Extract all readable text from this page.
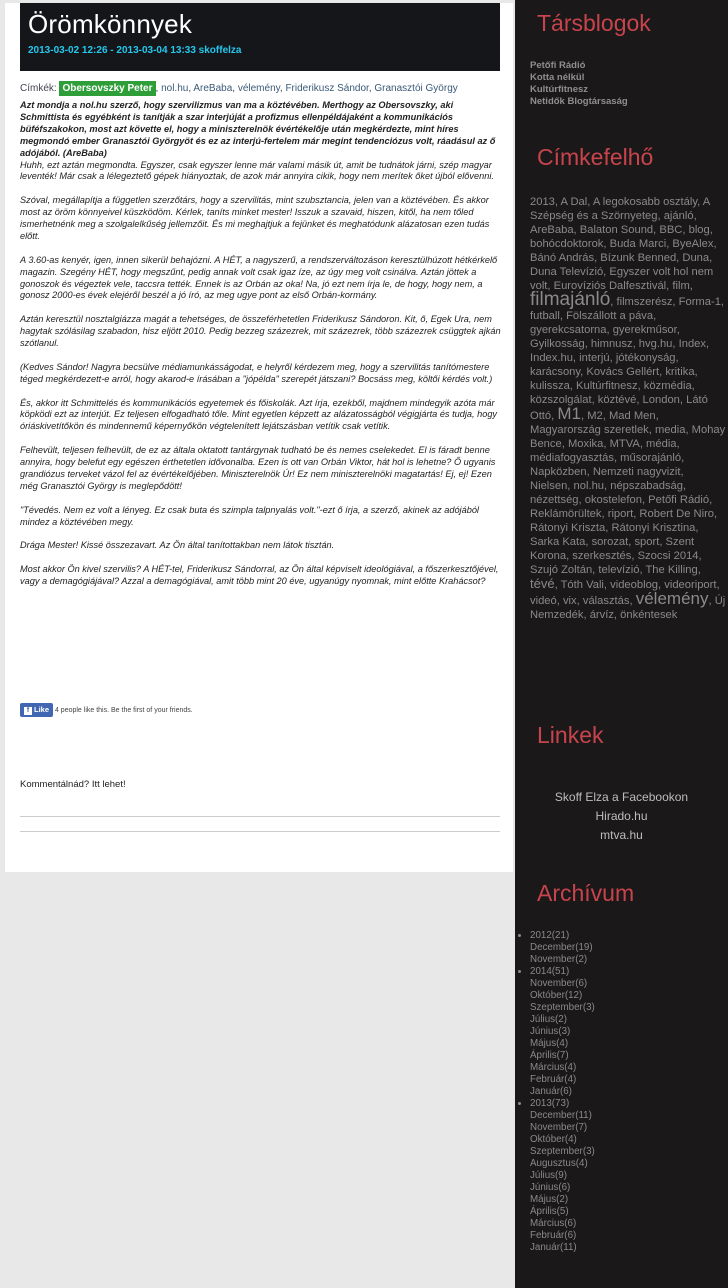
Örömkönnyek
2013-03-02 12:26 - 2013-03-04 13:33 skoffelza
Címkék: Obersovszky Peter , nol.hu, AreBaba, vélemény, Friderikusz Sándor, Granasztói György

Azt mondja a nol.hu szerző, hogy szervilizmus van ma a köztévében. Merthogy az Obersovszky, aki Schmittista és egyébként is tanítják a szar interjúját a profizmus ellenpéldájaként a kommunikációs büféfszakokon, most azt követte el, hogy a miniszterelnök évértékelője után megkérdezte, mint híres megmondó ember Granasztói Györgyöt és ez az interjú-fertelem már megint tendenciózus volt, ráadásul az ő adójából. (AreBaba)

Huhh, ezt aztán megmondta. Egyszer, csak egyszer lenne már valami másik út, amit be tudnátok járni, szép magyar leventék! Már csak a lélegeztető gépek hiányoztak, de azok már annyira cikik, hogy nem merítek őket újból elővenni.

Szóval, megállapítja a független szerzőtárs, hogy a szervilitás, mint szubsztancia, jelen van a köztévében. És akkor most az öröm könnyeivel küszködöm. Kérlek, taníts minket mester! Isszuk a szavaid, hiszen, kitől, ha nem tőled ismerhetnénk meg a szolgalelkűség jellemzőit. És mi meghajtjuk a fejünket és meghatódunk alázatosan ezen tudás előtt.

A 3.60-as kenyér, igen, innen sikerül behajózni. A HÉT, a nagyszerű, a rendszerváltozáson keresztülhúzott hétkérkelő magazin. Szegény HÉT, hogy megszűnt, pedig annak volt csak igaz íze, az úgy meg volt csinálva. Aztán jöttek a gonoszok és végeztek vele, taccsra tették. Ennek is az Orbán az oka! Na, jó ezt nem írja le, de hogy, hogy nem, a gonosz 2000-es évek elejéről beszél a jó író, az meg ugye pont az első Orbán-kormány.

Aztán keresztül nosztalgiázza magát a tehetséges, de összeférhetetlen Friderikusz Sándoron. Kit, ő, Egek Ura, nem hagytak szólásilag szabadon, hisz eljött 2010. Pedig bezzeg százezrek, mit százezrek, több százezrek csüggtek ajkán szótlanul.

(Kedves Sándor! Nagyra becsülve médiamunkásságodat, e helyről kérdezem meg, hogy a szervilitás tanítómestere téged megkérdezett-e arról, hogy akarod-e írásában a "jópélda" szerepét játszani? Bocsáss meg, költői kérdés volt.)

És, akkor itt Schmittelés és kommunikációs egyetemek és főiskolák. Azt írja, ezekből, majdnem mindegyik azóta már köpködi ezt az interjút. Ez teljesen elfogadható tőle. Mint egyetlen képzett az alázatosságból végigjárta és tudja, hogy óriáskivetítőkön és mindennemű képernyőkön végtelenített lejátszásban vetítik csak vetítik.

Felhevült, teljesen felhevült, de ez az általa oktatott tantárgynak tudható be és nemes cselekedet. El is fáradt benne annyira, hogy belefut egy egészen érthetetlen idővonalba. Ezen is ott van Orbán Viktor, hát hol is lehetne? Ő ugyanis grandiózus terveket vázol fel az évértékelőjében. Miniszterelnök Úr! Ez nem miniszterelnöki magatartás! Ej, ej! Ezen még Granasztói György is meglepődött!

"Tévedés. Nem ez volt a lényeg. Ez csak buta és szimpla talpnyalás volt."-ezt ő írja, a szerző, akinek az adójából mindez a köztévében megy.

Drága Mester! Kissé összezavart. Az Ön által tanítottakban nem látok tisztán.

Most akkor Ön kivel szervilis? A HÉT-tel, Friderikusz Sándorral, az Ön által képviselt ideológiával, a főszerkesztőjével, vagy a demagógiájával? Azzal a demagógiával, amit több mint 20 éve, ugyanúgy nyomnak, mint előtte Kraháсsot?

f Like 4 people like this. Be the first of your friends.
Kommentálnád? Itt lehet!
Társblogok
Petőfi Rádió
Kotta nélkül
Kultúrfitnesz
Netidők Blogtársaság
Címkefelhő
2013, A Dal, A legokosabb osztály, A Szépség és a Szörnyeteg, ajánló, AreBaba, Balaton Sound, BBC, blog, bohócdoktorok, Buda Marci, ByeAlex, Bánó András, Bízunk Benned, Duna, Duna Televízió, Egyszer volt hol nem volt, Eurovíziós Dalfesztivál, film, filmajánló, filmszerész, Forma-1, futball, Fölszállott a páva, gyerekcsatorna, gyerekműsor, Gyilkosság, himnusz, hvg.hu, Index, Index.hu, interjú, jótékonyság, karácsony, Kovács Gellért, kritika, kulissza, Kultúrfitnesz, közmédia, közszolgálat, köztévé, London, Látó Ottó, M1, M2, Mad Men, Magyarország szeretlek, media, Mohay Bence, Moxika, MTVA, média, médiafogyasztás, műsorajánló, Napközben, Nemzeti nagyvizit, Nielsen, nol.hu, népszabadság, nézettség, okostelefon, Petőfi Rádió, Reklámörültek, riport, Robert De Niro, Rátonyi Kriszta, Rátonyi Krisztina, Sarka Kata, sorozat, sport, Szent Korona, szerkesztés, Szocsi 2014, Szujó Zoltán, televízió, The Killing, tévé, Tóth Vali, videoblog, videoriport, videó, vix, választás, vélemény, Új Nemzedék, árvíz, önkéntesek
Linkek
Skoff Elza a Facebookon
Hirado.hu
mtva.hu
Archívum
2012(21)
December(19)
November(2)
2014(51)
November(6)
Október(12)
Szeptember(3)
Július(2)
Június(3)
Május(4)
Április(7)
Március(4)
Február(4)
Január(6)
2013(73)
December(11)
November(7)
Október(4)
Szeptember(3)
Augusztus(4)
Július(9)
Június(6)
Május(2)
Április(5)
Március(6)
Február(6)
Január(11)
